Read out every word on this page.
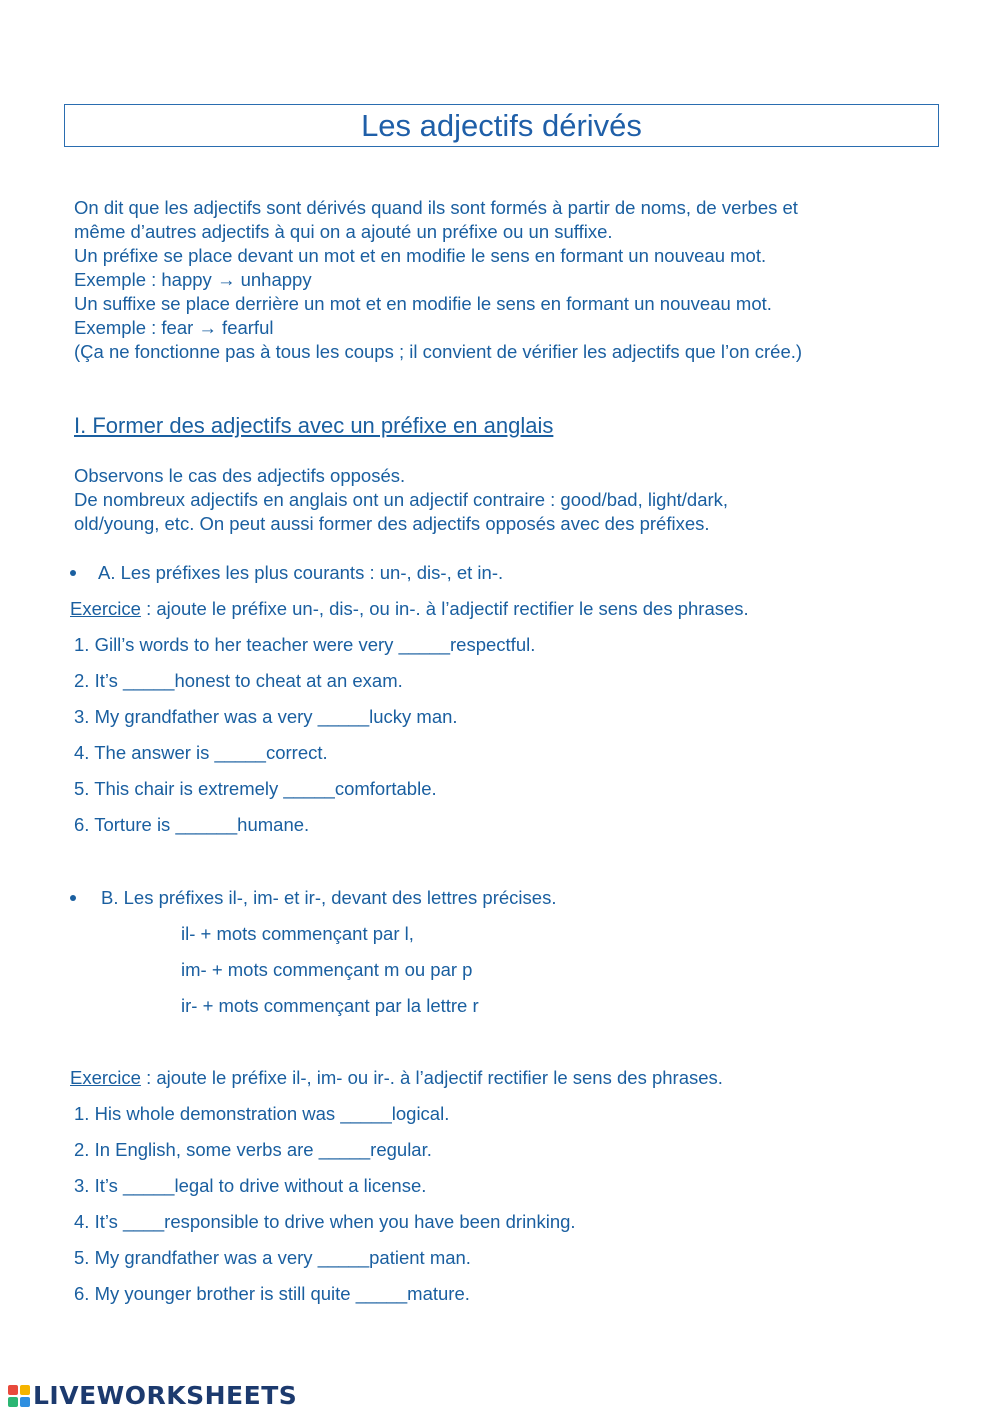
Les adjectifs dérivés
On dit que les adjectifs sont dérivés quand ils sont formés à partir de noms, de verbes et
même d’autres adjectifs à qui on a ajouté un préfixe ou un suffixe.
Un préfixe se place devant un mot et en modifie le sens en formant un nouveau mot.
Exemple : happy → unhappy
Un suffixe se place derrière un mot et en modifie le sens en formant un nouveau mot.
Exemple : fear → fearful
(Ça ne fonctionne pas à tous les coups ; il convient de vérifier les adjectifs que l’on crée.)
I. Former des adjectifs avec un préfixe en anglais
Observons le cas des adjectifs opposés.
De nombreux adjectifs en anglais ont un adjectif contraire : good/bad, light/dark,
old/young, etc. On peut aussi former des adjectifs opposés avec des préfixes.
A. Les préfixes les plus courants : un-, dis-, et in-.
Exercice : ajoute le préfixe un-, dis-, ou in-. à l’adjectif rectifier le sens des phrases.
1. Gill’s words to her teacher were very _____respectful.
2. It’s _____honest to cheat at an exam.
3. My grandfather was a very _____lucky man.
4. The answer is _____correct.
5. This chair is extremely _____comfortable.
6. Torture is ______humane.
B. Les préfixes il-, im- et ir-, devant des lettres précises.
il- + mots commençant par l,
im- + mots commençant m ou par p
ir- + mots commençant par la lettre r
Exercice : ajoute le préfixe il-, im- ou ir-. à l’adjectif rectifier le sens des phrases.
1. His whole demonstration was _____logical.
2. In English, some verbs are _____regular.
3. It’s _____legal to drive without a license.
4. It’s ____responsible to drive when you have been drinking.
5. My grandfather was a very _____patient man.
6. My younger brother is still quite _____mature.
LIVEWORKSHEETS
